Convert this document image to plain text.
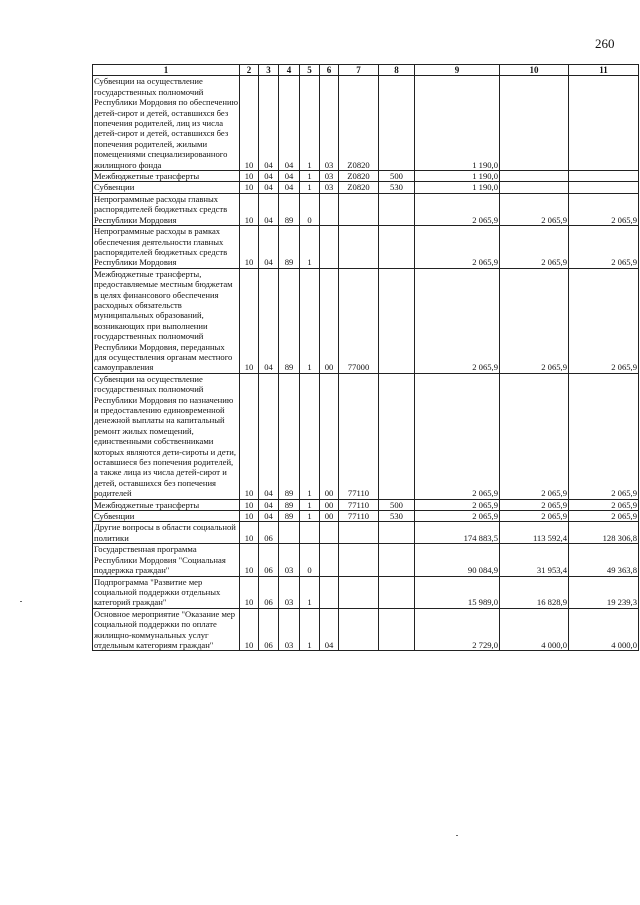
260
1	2	3	4	5	6	7	8	9	10	11
Субвенции на осуществление государственных полномочий Республики Мордовия по обеспечению детей-сирот и детей, оставшихся без попечения родителей, лиц из числа детей-сирот и детей, оставшихся без попечения родителей, жилыми помещениями специализированного жилищного фонда	10	04	04	1	03	Z0820		1 190,0		
Межбюджетные трансферты	10	04	04	1	03	Z0820	500	1 190,0		
Субвенции	10	04	04	1	03	Z0820	530	1 190,0		
Непрограммные расходы главных распорядителей бюджетных средств Республики Мордовия	10	04	89	0				2 065,9	2 065,9	2 065,9
Непрограммные расходы в рамках обеспечения деятельности главных распорядителей бюджетных средств Республики Мордовия	10	04	89	1				2 065,9	2 065,9	2 065,9
Межбюджетные трансферты, предоставляемые местным бюджетам в целях финансового обеспечения расходных обязательств муниципальных образований, возникающих при выполнении государственных полномочий Республики Мордовия, переданных для осуществления органам местного самоуправления	10	04	89	1	00	77000		2 065,9	2 065,9	2 065,9
Субвенции на осуществление государственных полномочий Республики Мордовия по назначению и предоставлению единовременной денежной выплаты на капитальный ремонт жилых помещений, единственными собственниками которых являются дети-сироты и дети, оставшиеся без попечения родителей, а также лица из числа детей-сирот и детей, оставшихся без попечения родителей	10	04	89	1	00	77110		2 065,9	2 065,9	2 065,9
Межбюджетные трансферты	10	04	89	1	00	77110	500	2 065,9	2 065,9	2 065,9
Субвенции	10	04	89	1	00	77110	530	2 065,9	2 065,9	2 065,9
Другие вопросы в области социальной политики	10	06						174 883,5	113 592,4	128 306,8
Государственная программа Республики Мордовия "Социальная поддержка граждан"	10	06	03	0				90 084,9	31 953,4	49 363,8
Подпрограмма "Развитие мер социальной поддержки отдельных категорий граждан"	10	06	03	1				15 989,0	16 828,9	19 239,3
Основное мероприятие "Оказание мер социальной поддержки по оплате жилищно-коммунальных услуг отдельным категориям граждан"	10	06	03	1	04			2 729,0	4 000,0	4 000,0
